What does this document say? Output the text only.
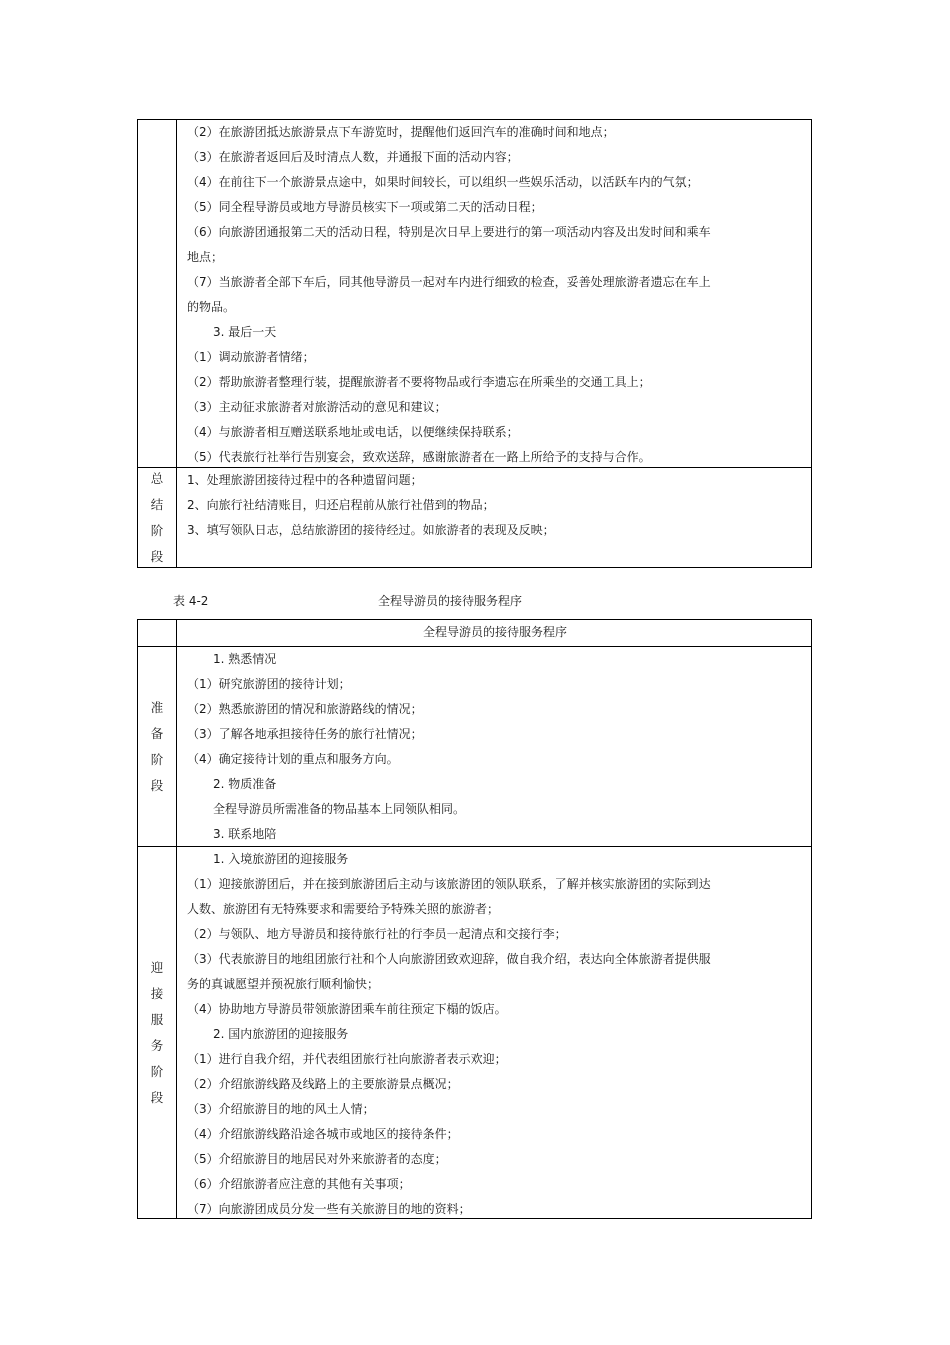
（2）在旅游团抵达旅游景点下车游览时，提醒他们返回汽车的准确时间和地点；
（3）在旅游者返回后及时清点人数，并通报下面的活动内容；
（4）在前往下一个旅游景点途中，如果时间较长，可以组织一些娱乐活动，以活跃车内的气氛；
（5）同全程导游员或地方导游员核实下一项或第二天的活动日程；
（6）向旅游团通报第二天的活动日程，特别是次日早上要进行的第一项活动内容及出发时间和乘车
地点；
（7）当旅游者全部下车后，同其他导游员一起对车内进行细致的检查，妥善处理旅游者遗忘在车上
的物品。
3. 最后一天
（1）调动旅游者情绪；
（2）帮助旅游者整理行装，提醒旅游者不要将物品或行李遗忘在所乘坐的交通工具上；
（3）主动征求旅游者对旅游活动的意见和建议；
（4）与旅游者相互赠送联系地址或电话，以便继续保持联系；
（5）代表旅行社举行告别宴会，致欢送辞，感谢旅游者在一路上所给予的支持与合作。
总
结
阶
段
1、处理旅游团接待过程中的各种遗留问题；
2、向旅行社结清账目，归还启程前从旅行社借到的物品；
3、填写领队日志，总结旅游团的接待经过。如旅游者的表现及反映；
表 4-2	全程导游员的接待服务程序
全程导游员的接待服务程序
准
备
阶
段
1. 熟悉情况
（1）研究旅游团的接待计划；
（2）熟悉旅游团的情况和旅游路线的情况；
（3）了解各地承担接待任务的旅行社情况；
（4）确定接待计划的重点和服务方向。
2. 物质准备
全程导游员所需准备的物品基本上同领队相同。
3. 联系地陪
迎
接
服
务
阶
段
1. 入境旅游团的迎接服务
（1）迎接旅游团后，并在接到旅游团后主动与该旅游团的领队联系，了解并核实旅游团的实际到达
人数、旅游团有无特殊要求和需要给予特殊关照的旅游者；
（2）与领队、地方导游员和接待旅行社的行李员一起清点和交接行李；
（3）代表旅游目的地组团旅行社和个人向旅游团致欢迎辞，做自我介绍，表达向全体旅游者提供服
务的真诚愿望并预祝旅行顺利愉快；
（4）协助地方导游员带领旅游团乘车前往预定下榻的饭店。
2. 国内旅游团的迎接服务
（1）进行自我介绍，并代表组团旅行社向旅游者表示欢迎；
（2）介绍旅游线路及线路上的主要旅游景点概况；
（3）介绍旅游目的地的风土人情；
（4）介绍旅游线路沿途各城市或地区的接待条件；
（5）介绍旅游目的地居民对外来旅游者的态度；
（6）介绍旅游者应注意的其他有关事项；
（7）向旅游团成员分发一些有关旅游目的地的资料；
